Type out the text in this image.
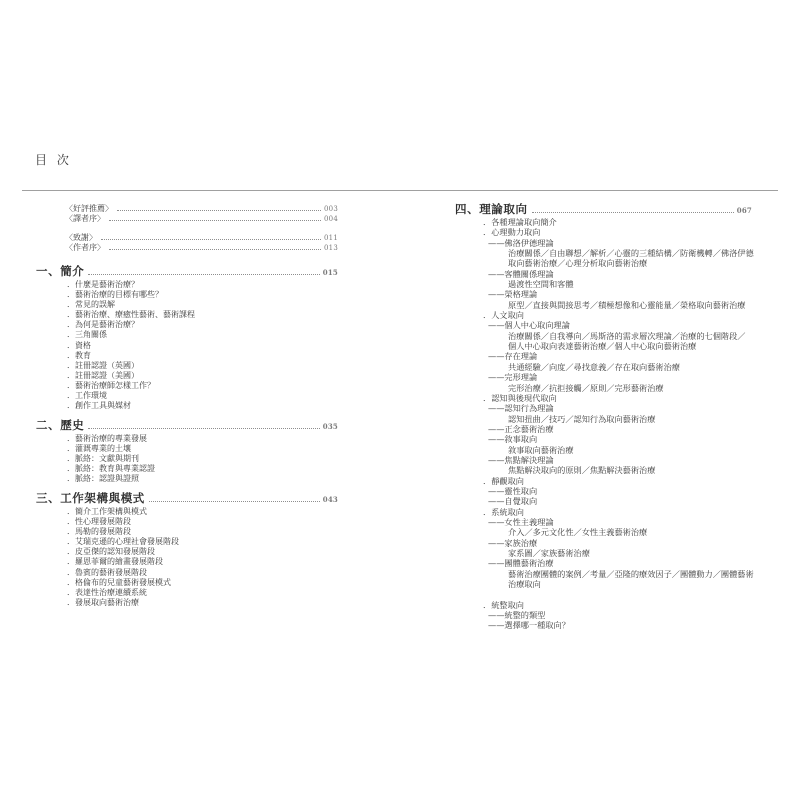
目 次
〈好評推薦〉	003
〈譯者序〉	004
〈致謝〉	011
〈作者序〉	013
一、簡介	015
．什麼是藝術治療？
．藝術治療的目標有哪些？
．常見的誤解
．藝術治療、療癒性藝術、藝術課程
．為何是藝術治療？
．三角關係
．資格
．教育
．註冊認證（英國）
．註冊認證（美國）
．藝術治療師怎樣工作？
．工作環境
．創作工具與媒材
二、歷史	035
．藝術治療的專業發展
．灌溉專業的土壤
．脈絡：文獻與期刊
．脈絡：教育與專業認證
．脈絡：認證與證照
三、工作架構與模式	043
．簡介工作架構與模式
．性心理發展階段
．馬勒的發展階段
．艾瑞克遜的心理社會發展階段
．皮亞傑的認知發展階段
．羅恩菲爾的繪畫發展階段
．魯賓的藝術發展階段
．格倫布的兒童藝術發展模式
．表達性治療連續系統
．發展取向藝術治療
四、理論取向	067
．各種理論取向簡介
．心理動力取向
——佛洛伊德理論
治療關係／自由聯想／解析／心靈的三種結構／防衛機轉／佛洛伊德
取向藝術治療／心理分析取向藝術治療
——客體關係理論
過渡性空間和客體
——榮格理論
原型／直接與間接思考／積極想像和心靈能量／榮格取向藝術治療
．人文取向
——個人中心取向理論
治療關係／自我導向／馬斯洛的需求層次理論／治療的七個階段／
個人中心取向表達藝術治療／個人中心取向藝術治療
——存在理論
共通經驗／向度／尋找意義／存在取向藝術治療
——完形理論
完形治療／抗拒接觸／原則／完形藝術治療
．認知與後現代取向
——認知行為理論
認知扭曲／技巧／認知行為取向藝術治療
——正念藝術治療
——敘事取向
敘事取向藝術治療
——焦點解決理論
焦點解決取向的原則／焦點解決藝術治療
．靜觀取向
——靈性取向
——自覺取向
．系統取向
——女性主義理論
介入／多元文化性／女性主義藝術治療
——家族治療
家系圖／家族藝術治療
——團體藝術治療
藝術治療團體的案例／考量／亞隆的療效因子／團體動力／團體藝術
治療取向
．統整取向
——統整的類型
——選擇哪一種取向？
